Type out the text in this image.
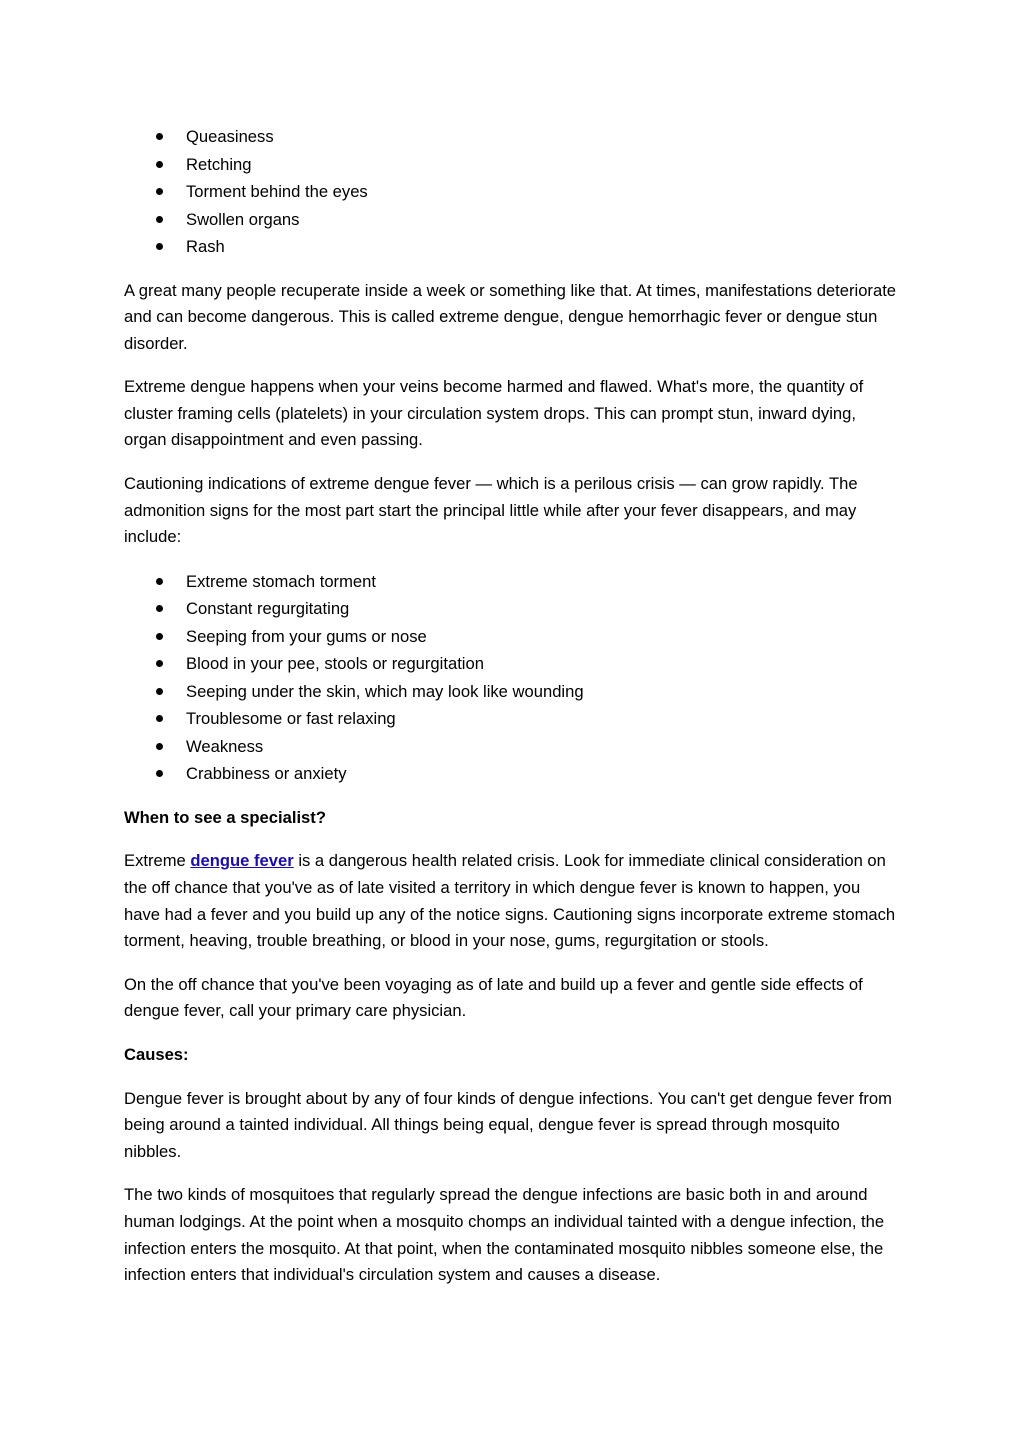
Queasiness
Retching
Torment behind the eyes
Swollen organs
Rash

A great many people recuperate inside a week or something like that. At times, manifestations deteriorate and can become dangerous. This is called extreme dengue, dengue hemorrhagic fever or dengue stun disorder.

Extreme dengue happens when your veins become harmed and flawed. What's more, the quantity of cluster framing cells (platelets) in your circulation system drops. This can prompt stun, inward dying, organ disappointment and even passing.

Cautioning indications of extreme dengue fever — which is a perilous crisis — can grow rapidly. The admonition signs for the most part start the principal little while after your fever disappears, and may include:

Extreme stomach torment
Constant regurgitating
Seeping from your gums or nose
Blood in your pee, stools or regurgitation
Seeping under the skin, which may look like wounding
Troublesome or fast relaxing
Weakness
Crabbiness or anxiety

When to see a specialist?

Extreme dengue fever is a dangerous health related crisis. Look for immediate clinical consideration on the off chance that you've as of late visited a territory in which dengue fever is known to happen, you have had a fever and you build up any of the notice signs. Cautioning signs incorporate extreme stomach torment, heaving, trouble breathing, or blood in your nose, gums, regurgitation or stools.

On the off chance that you've been voyaging as of late and build up a fever and gentle side effects of dengue fever, call your primary care physician.

Causes:

Dengue fever is brought about by any of four kinds of dengue infections. You can't get dengue fever from being around a tainted individual. All things being equal, dengue fever is spread through mosquito nibbles.

The two kinds of mosquitoes that regularly spread the dengue infections are basic both in and around human lodgings. At the point when a mosquito chomps an individual tainted with a dengue infection, the infection enters the mosquito. At that point, when the contaminated mosquito nibbles someone else, the infection enters that individual's circulation system and causes a disease.
